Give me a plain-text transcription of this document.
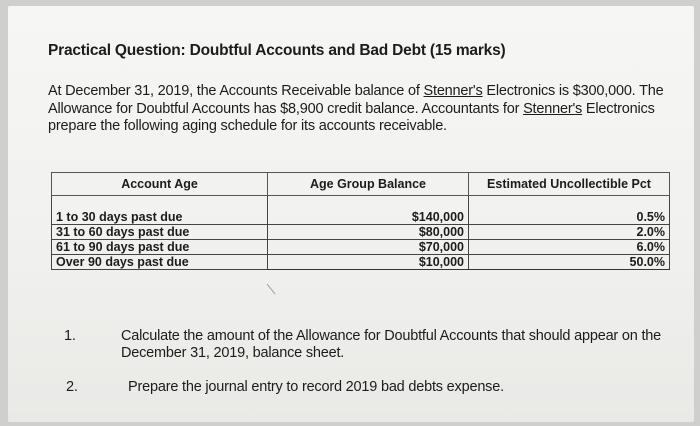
Practical Question: Doubtful Accounts and Bad Debt (15 marks)
At December 31, 2019, the Accounts Receivable balance of Stenner's Electronics is $300,000. The Allowance for Doubtful Accounts has $8,900 credit balance. Accountants for Stenner's Electronics prepare the following aging schedule for its accounts receivable.
Account Age	Age Group Balance	Estimated Uncollectible Pct

1 to 30 days past due	$140,000	0.5%
31 to 60 days past due	$80,000	2.0%
61 to 90 days past due	$70,000	6.0%
Over 90 days past due	$10,000	50.0%
1.	Calculate the amount of the Allowance for Doubtful Accounts that should appear on the December 31, 2019, balance sheet.
2.	Prepare the journal entry to record 2019 bad debts expense.
